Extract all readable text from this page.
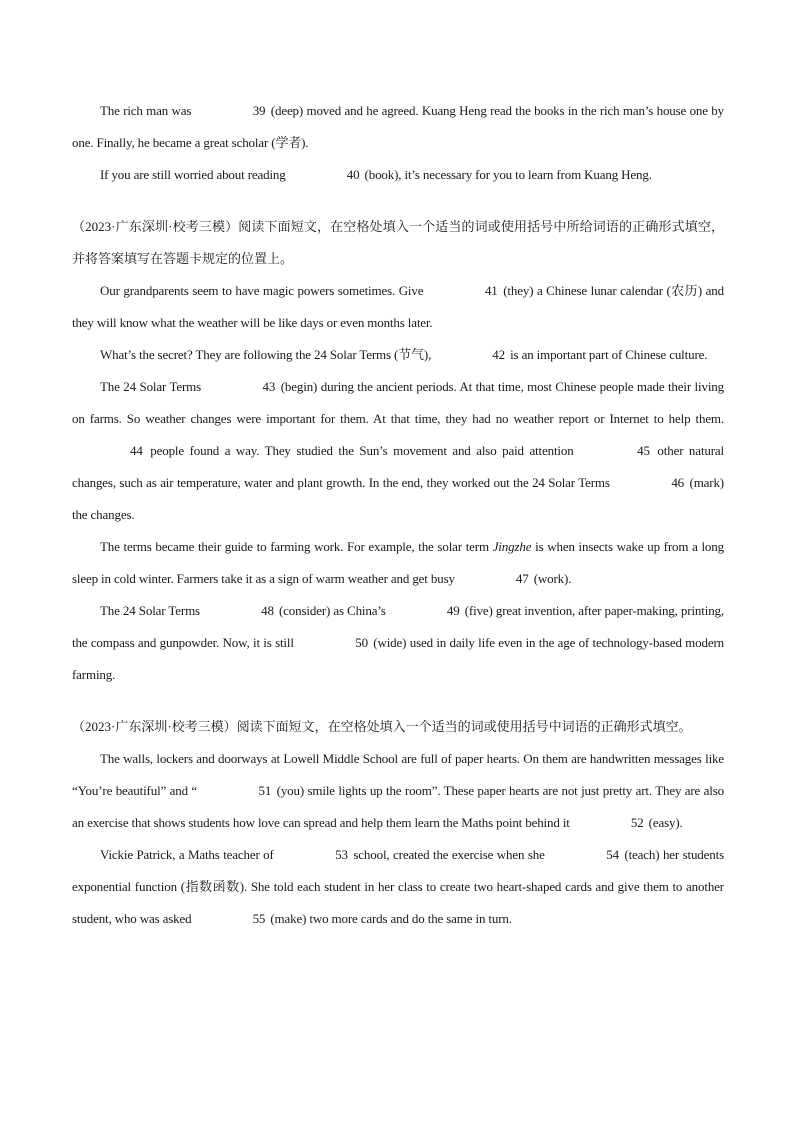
The rich man was	39 (deep) moved and he agreed. Kuang Heng read the books in the rich man’s house one by one. Finally, he became a great scholar (学者).

If you are still worried about reading	40 (book), it’s necessary for you to learn from Kuang Heng.

（2023·广东深圳·校考三模）阅读下面短文，在空格处填入一个适当的词或使用括号中所给词语的正确形式填空，并将答案填写在答题卡规定的位置上。

Our grandparents seem to have magic powers sometimes. Give	41 (they) a Chinese lunar calendar (农历) and they will know what the weather will be like days or even months later.

What’s the secret? They are following the 24 Solar Terms (节气),	42 is an important part of Chinese culture.

The 24 Solar Terms	43 (begin) during the ancient periods. At that time, most Chinese people made their living on farms. So weather changes were important for them. At that time, they had no weather report or Internet to help them. 44 people found a way. They studied the Sun’s movement and also paid attention	45 other natural changes, such as air temperature, water and plant growth. In the end, they worked out the 24 Solar Terms	46 (mark) the changes.

The terms became their guide to farming work. For example, the solar term Jingzhe is when insects wake up from a long sleep in cold winter. Farmers take it as a sign of warm weather and get busy	47 (work).

The 24 Solar Terms	48 (consider) as China’s	49 (five) great invention, after paper-making, printing, the compass and gunpowder. Now, it is still	50 (wide) used in daily life even in the age of technology-based modern farming.

（2023·广东深圳·校考三模）阅读下面短文，在空格处填入一个适当的词或使用括号中词语的正确形式填空。

The walls, lockers and doorways at Lowell Middle School are full of paper hearts. On them are handwritten messages like “You’re beautiful” and “	51 (you) smile lights up the room”. These paper hearts are not just pretty art. They are also an exercise that shows students how love can spread and help them learn the Maths point behind it	52 (easy).

Vickie Patrick, a Maths teacher of	53 school, created the exercise when she	54 (teach) her students exponential function (指数函数). She told each student in her class to create two heart-shaped cards and give them to another student, who was asked	55 (make) two more cards and do the same in turn.
